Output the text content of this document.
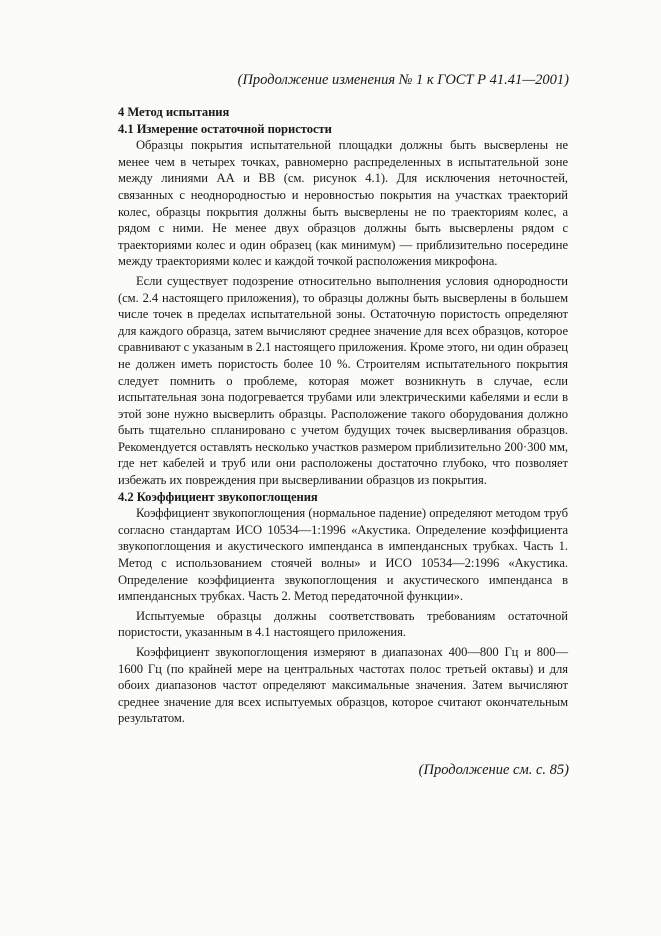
(Продолжение изменения № 1 к ГОСТ Р 41.41—2001)
4 Метод испытания
4.1 Измерение остаточной пористости

Образцы покрытия испытательной площадки должны быть высверлены не менее чем в четырех точках, равномерно распределенных в испытательной зоне между линиями АА и ВВ (см. рисунок 4.1). Для исключения неточностей, связанных с неоднородностью и неровностью покрытия на участках траекторий колес, образцы покрытия должны быть высверлены не по траекториям колес, а рядом с ними. Не менее двух образцов должны быть высверлены рядом с траекториями колес и один образец (как минимум) — приблизительно посередине между траекториями колес и каждой точкой расположения микрофона.

Если существует подозрение относительно выполнения условия однородности (см. 2.4 настоящего приложения), то образцы должны быть высверлены в большем числе точек в пределах испытательной зоны. Остаточную пористость определяют для каждого образца, затем вычисляют среднее значение для всех образцов, которое сравнивают с указаным в 2.1 настоящего приложения. Кроме этого, ни один образец не должен иметь пористость более 10 %. Строителям испытательного покрытия следует помнить о проблеме, которая может возникнуть в случае, если испытательная зона подогревается трубами или электрическими кабелями и если в этой зоне нужно высверлить образцы. Расположение такого оборудования должно быть тщательно спланировано с учетом будущих точек высверливания образцов. Рекомендуется оставлять несколько участков размером приблизительно 200·300 мм, где нет кабелей и труб или они расположены достаточно глубоко, что позволяет избежать их повреждения при высверливании образцов из покрытия.

4.2 Коэффициент звукопоглощения

Коэффициент звукопоглощения (нормальное падение) определяют методом труб согласно стандартам ИСО 10534—1:1996 «Акустика. Определение коэффициента звукопоглощения и акустического импенданса в импендансных трубках. Часть 1. Метод с использованием стоячей волны» и ИСО 10534—2:1996 «Акустика. Определение коэффициента звукопоглощения и акустического импенданса в импендансных трубках. Часть 2. Метод передаточной функции».

Испытуемые образцы должны соответствовать требованиям остаточной пористости, указанным в 4.1 настоящего приложения.

Коэффициент звукопоглощения измеряют в диапазонах 400—800 Гц и 800—1600 Гц (по крайней мере на центральных частотах полос третьей октавы) и для обоих диапазонов частот определяют максимальные значения. Затем вычисляют среднее значение для всех испытуемых образцов, которое считают окончательным результатом.

(Продолжение см. с. 85)
